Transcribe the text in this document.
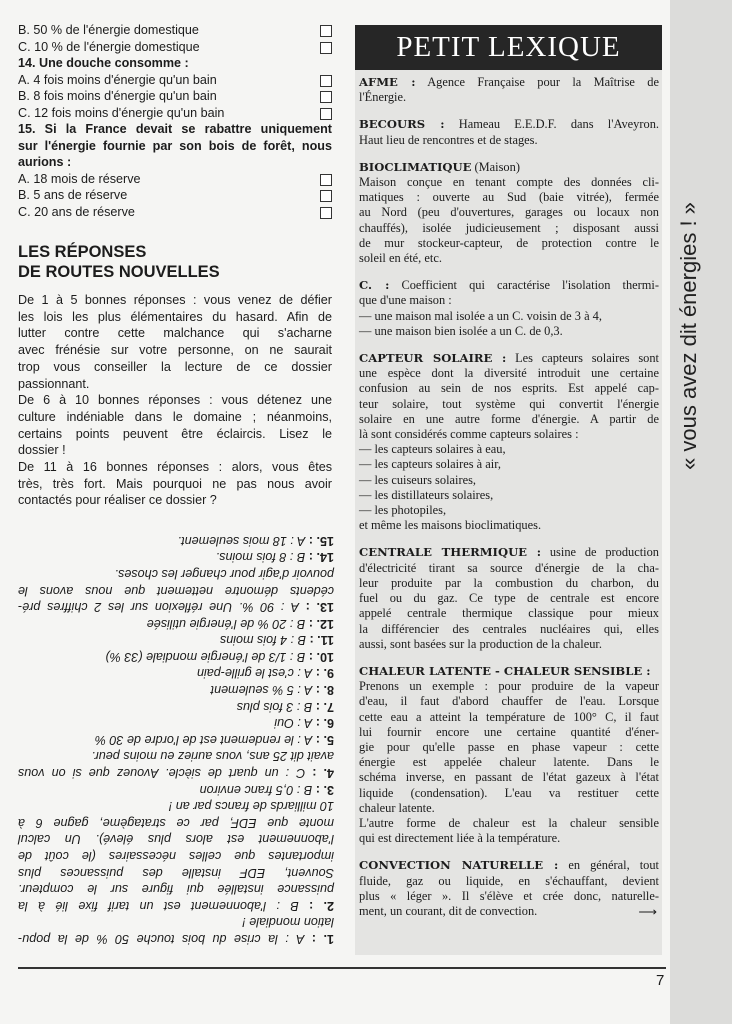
B. 50 % de l'énergie domestique
C. 10 % de l'énergie domestique
14. Une douche consomme :
A. 4 fois moins d'énergie qu'un bain
B. 8 fois moins d'énergie qu'un bain
C. 12 fois moins d'énergie qu'un bain
15. Si la France devait se rabattre uniquement
sur l'énergie fournie par son bois de forêt, nous
aurions :
A. 18 mois de réserve
B. 5 ans de réserve
C. 20 ans de réserve
LES RÉPONSES
DE ROUTES NOUVELLES
De 1 à 5 bonnes réponses : vous venez de défier
les lois les plus élémentaires du hasard. Afin de
lutter contre cette malchance qui s'acharne
avec frénésie sur votre personne, on ne saurait
trop vous conseiller la lecture de ce dossier
passionnant.
De 6 à 10 bonnes réponses : vous détenez une
culture indéniable dans le domaine ; néanmoins,
certains points peuvent être éclaircis. Lisez le
dossier !
De 11 à 16 bonnes réponses : alors, vous êtes
très, très fort. Mais pourquoi ne pas nous avoir
contactés pour réaliser ce dossier ?
1. : A : la crise du bois touche 50 % de la popu-
lation mondiale !
2. : B : l'abonnement est un tarif fixe lié à la
puissance installée qui figure sur le compteur.
Souvent, EDF installe des puissances plus
importantes que celles nécessaires (le coût de
l'abonnement est alors plus élevé). Un calcul
monte que EDF, par ce stratagème, gagne 6 à
10 milliards de francs par an !
3. : B : 0,5 franc environ
4. : C : un quart de siècle. Avouez que si on vous
avait dit 25 ans, vous auriez eu moins peur.
5. : A : le rendement est de l'ordre de 30 %
6. : A : Oui
7. : B : 3 fois plus
8. : A : 5 % seulement
9. : A : c'est le grille-pain
10. : B : 1/3 de l'énergie mondiale (33 %)
11. : B : 4 fois moins
12. : B : 20 % de l'énergie utilisée
13. : A : 90 %. Une réflexion sur les 2 chiffres pré-
cédents démontre nettement que nous avons le
pouvoir d'agir pour changer les choses.
14. : B : 8 fois moins.
15. : A : 18 mois seulement.
PETIT LEXIQUE
AFME : Agence Française pour la Maîtrise de
l'Énergie.
BECOURS : Hameau E.E.D.F. dans l'Aveyron.
Haut lieu de rencontres et de stages.
BIOCLIMATIQUE (Maison)
Maison conçue en tenant compte des données cli-
matiques : ouverte au Sud (baie vitrée), fermée
au Nord (peu d'ouvertures, garages ou locaux non
chauffés), isolée judicieusement ; disposant aussi
de mur stockeur-capteur, de protection contre le
soleil en été, etc.
C. : Coefficient qui caractérise l'isolation thermi-
que d'une maison :
— une maison mal isolée a un C. voisin de 3 à 4,
— une maison bien isolée a un C. de 0,3.
CAPTEUR SOLAIRE : Les capteurs solaires sont
une espèce dont la diversité introduit une certaine
confusion au sein de nos esprits. Est appelé cap-
teur solaire, tout système qui convertit l'énergie
solaire en une autre forme d'énergie. A partir de
là sont considérés comme capteurs solaires :
— les capteurs solaires à eau,
— les capteurs solaires à air,
— les cuiseurs solaires,
— les distillateurs solaires,
— les photopiles,
et même les maisons bioclimatiques.
CENTRALE THERMIQUE : usine de production
d'électricité tirant sa source d'énergie de la cha-
leur produite par la combustion du charbon, du
fuel ou du gaz. Ce type de centrale est encore
appelé centrale thermique classique pour mieux
la différencier des centrales nucléaires qui, elles
aussi, sont basées sur la production de la chaleur.
CHALEUR LATENTE - CHALEUR SENSIBLE :
Prenons un exemple : pour produire de la vapeur
d'eau, il faut d'abord chauffer de l'eau. Lorsque
cette eau a atteint la température de 100° C, il faut
lui fournir encore une certaine quantité d'éner-
gie pour qu'elle passe en phase vapeur : cette
énergie est appelée chaleur latente. Dans le
schéma inverse, en passant de l'état gazeux à l'état
liquide (condensation). L'eau va restituer cette
chaleur latente.
L'autre forme de chaleur est la chaleur sensible
qui est directement liée à la température.
CONVECTION NATURELLE : en général, tout
fluide, gaz ou liquide, en s'échauffant, devient
plus « léger ». Il s'élève et crée donc, naturelle-
ment, un courant, dit de convection.	⟶
« vous avez dit énergies ! »
7
